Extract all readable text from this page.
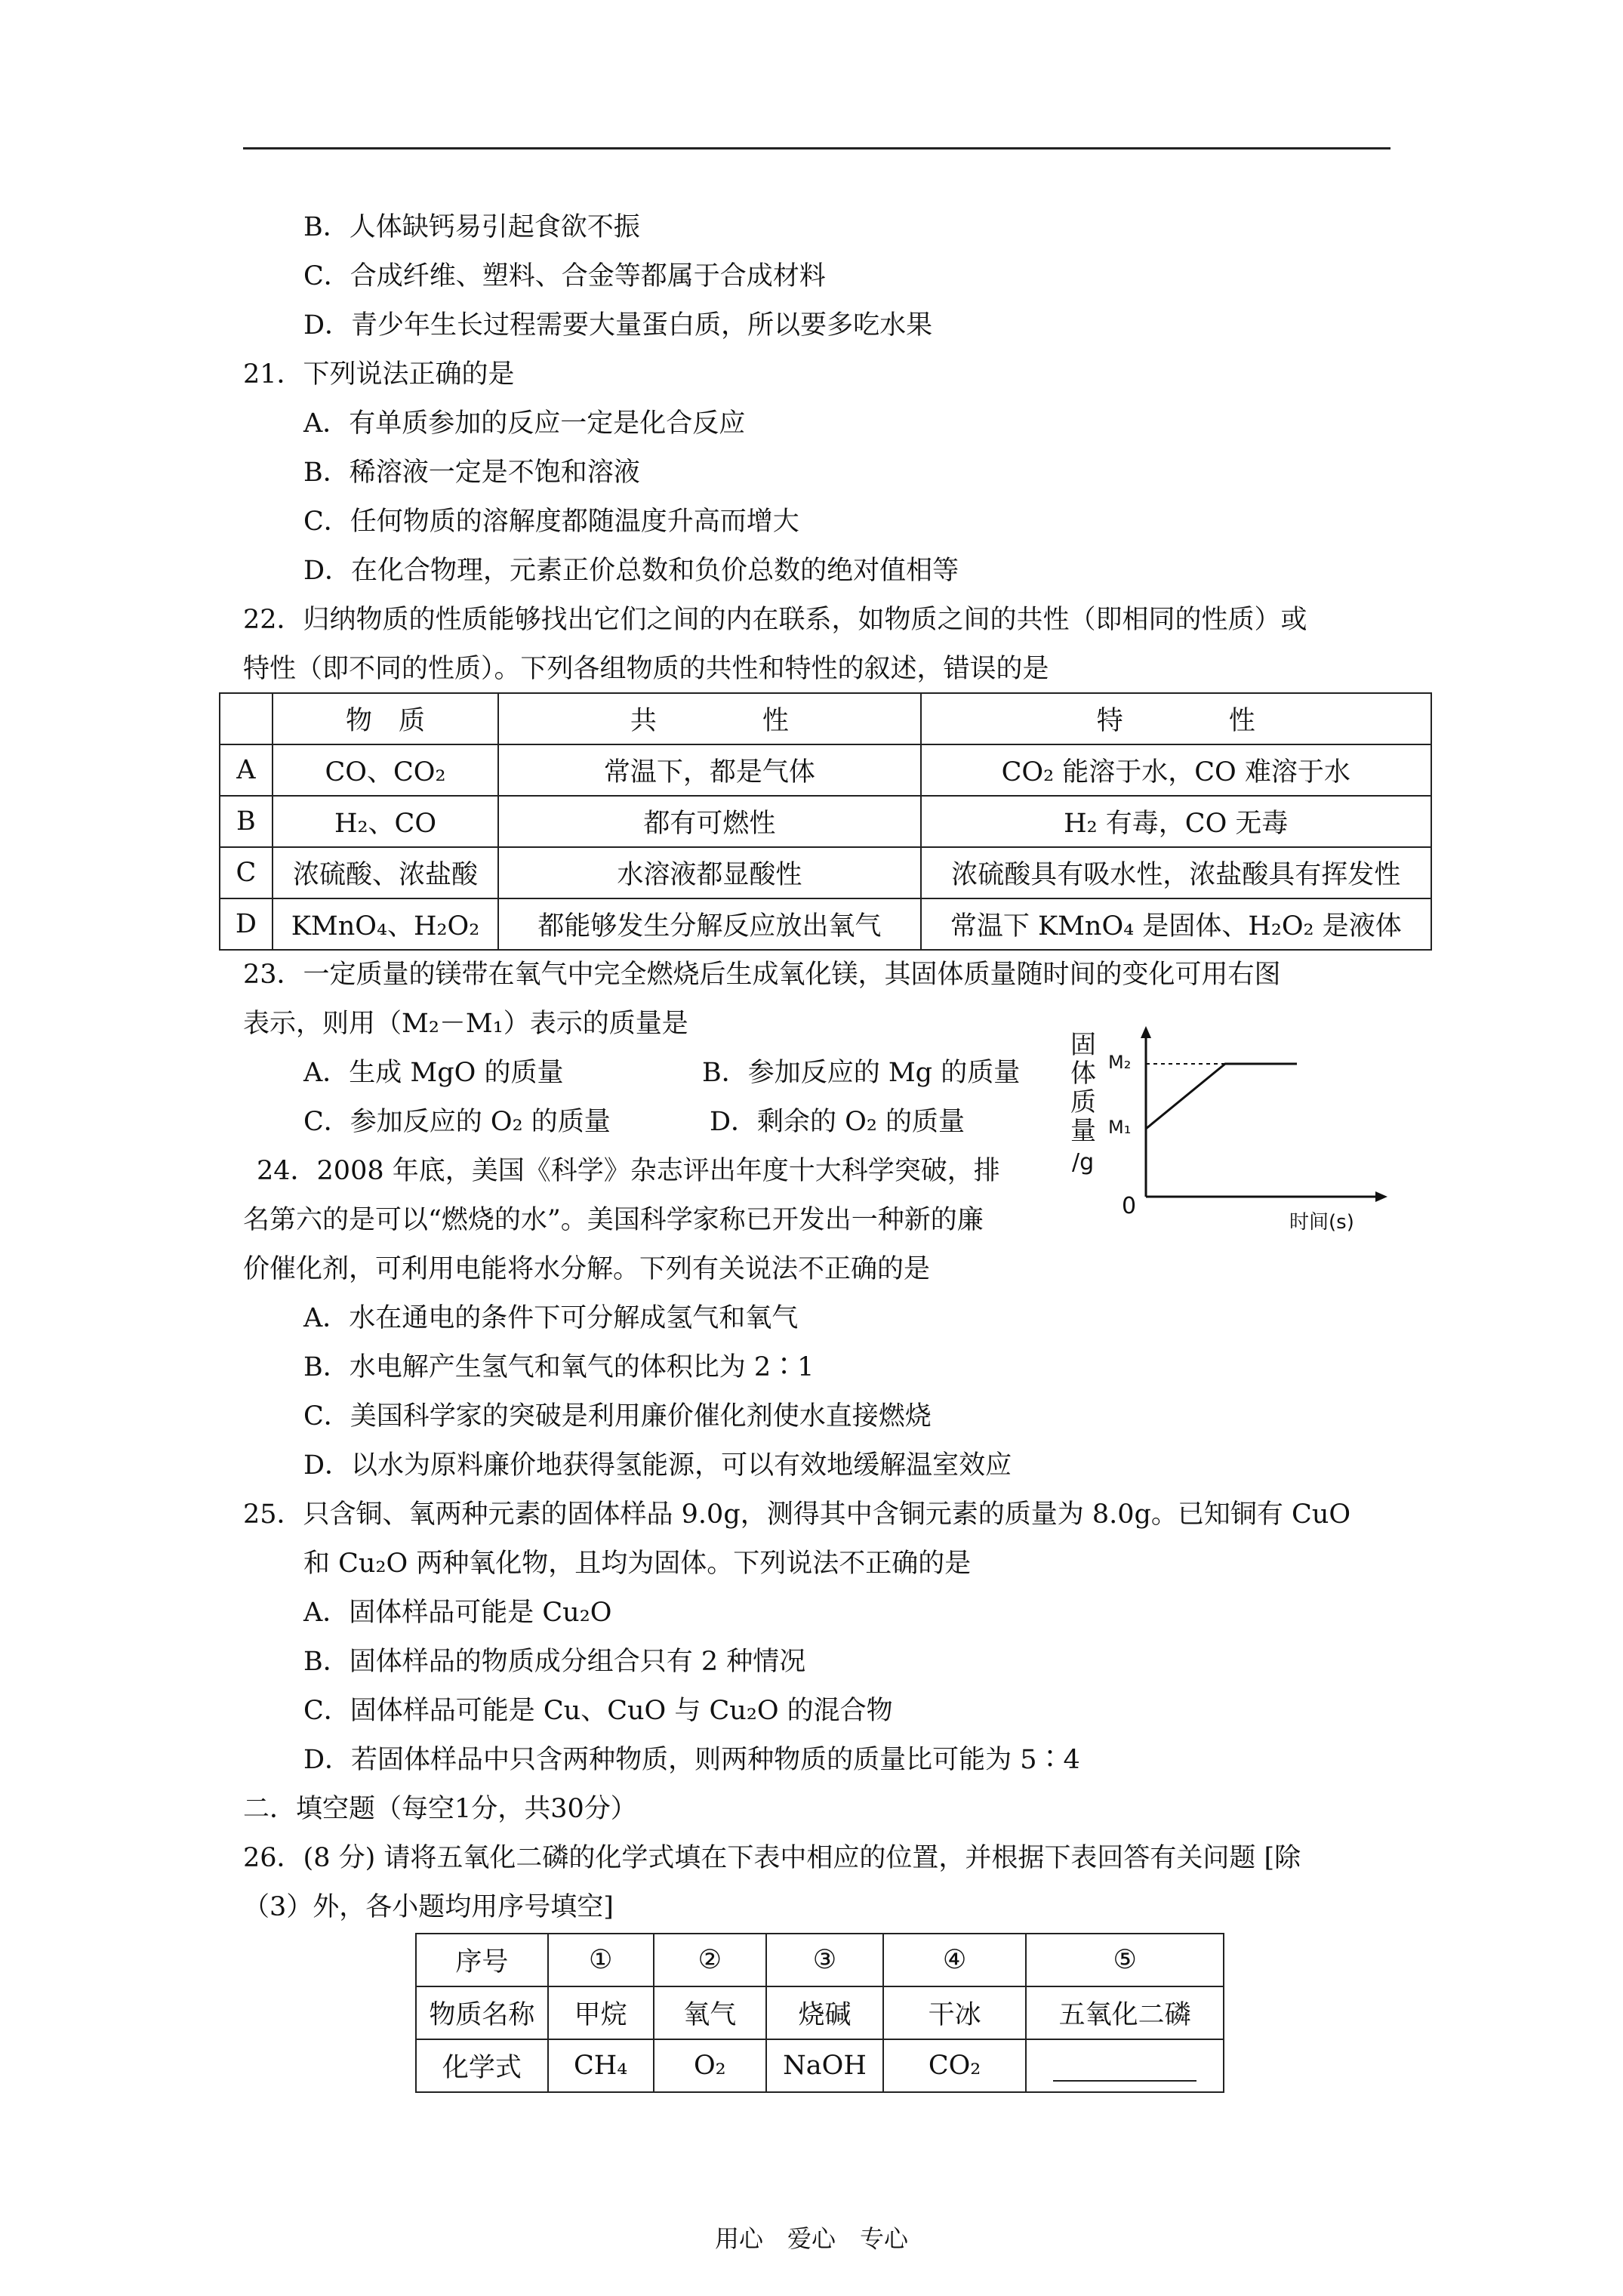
B．人体缺钙易引起食欲不振
C．合成纤维、塑料、合金等都属于合成材料
D．青少年生长过程需要大量蛋白质，所以要多吃水果
21．下列说法正确的是
A．有单质参加的反应一定是化合反应
B．稀溶液一定是不饱和溶液
C．任何物质的溶解度都随温度升高而增大
D．在化合物理，元素正价总数和负价总数的绝对值相等
22．归纳物质的性质能够找出它们之间的内在联系，如物质之间的共性（即相同的性质）或
特性（即不同的性质）。下列各组物质的共性和特性的叙述，错误的是
	物　质	共　　　　性	特　　　　性
A	CO、CO₂	常温下，都是气体	CO₂ 能溶于水，CO 难溶于水
B	H₂、CO	都有可燃性	H₂ 有毒，CO 无毒
C	浓硫酸、浓盐酸	水溶液都显酸性	浓硫酸具有吸水性，浓盐酸具有挥发性
D	KMnO₄、H₂O₂	都能够发生分解反应放出氧气	常温下 KMnO₄ 是固体、H₂O₂ 是液体
23．一定质量的镁带在氧气中完全燃烧后生成氧化镁，其固体质量随时间的变化可用右图
表示，则用（M₂－M₁）表示的质量是
A．生成 MgO 的质量	B．参加反应的 Mg 的质量
C．参加反应的 O₂ 的质量	D．剩余的 O₂ 的质量
固
体
质
量
/g
M₂
M₁
0
时间(s)
24．2008 年底，美国《科学》杂志评出年度十大科学突破，排
名第六的是可以“燃烧的水”。美国科学家称已开发出一种新的廉
价催化剂，可利用电能将水分解。下列有关说法不正确的是
A．水在通电的条件下可分解成氢气和氧气
B．水电解产生氢气和氧气的体积比为 2∶1
C．美国科学家的突破是利用廉价催化剂使水直接燃烧
D．以水为原料廉价地获得氢能源，可以有效地缓解温室效应
25．只含铜、氧两种元素的固体样品 9.0g，测得其中含铜元素的质量为 8.0g。已知铜有 CuO
和 Cu₂O 两种氧化物，且均为固体。下列说法不正确的是
A．固体样品可能是 Cu₂O
B．固体样品的物质成分组合只有 2 种情况
C．固体样品可能是 Cu、CuO 与 Cu₂O 的混合物
D．若固体样品中只含两种物质，则两种物质的质量比可能为 5∶4
二．填空题（每空1分，共30分）
26．(8 分) 请将五氧化二磷的化学式填在下表中相应的位置，并根据下表回答有关问题 [除
（3）外，各小题均用序号填空]
序号	①	②	③	④	⑤
物质名称	甲烷	氧气	烧碱	干冰	五氧化二磷
化学式	CH₄	O₂	NaOH	CO₂	
用心　爱心　专心
